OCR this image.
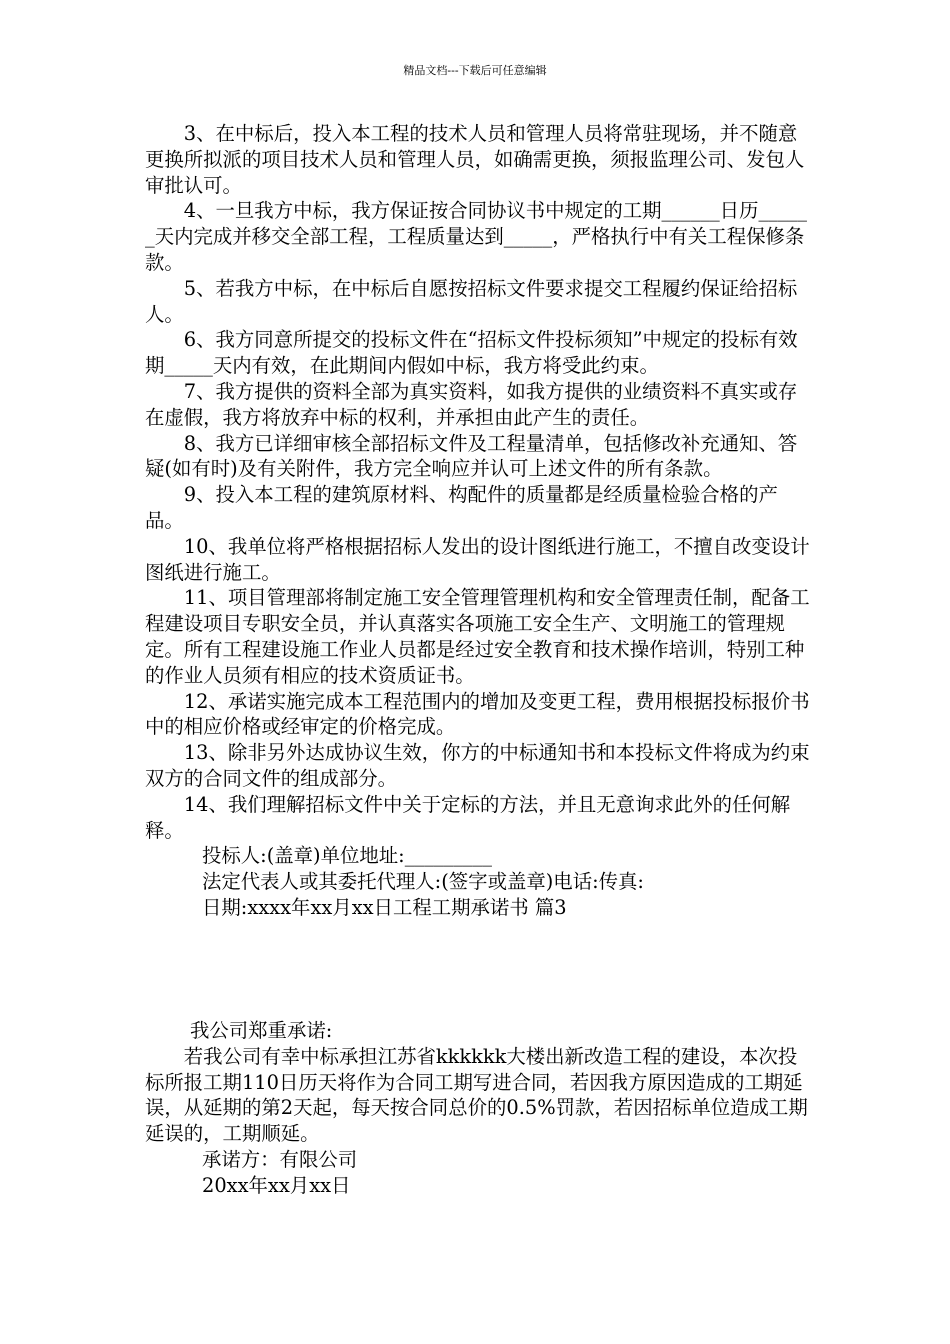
精品文档---下载后可任意编辑

3、在中标后，投入本工程的技术人员和管理人员将常驻现场，并不随意更换所拟派的项目技术人员和管理人员，如确需更换，须报监理公司、发包人审批认可。

4、一旦我方中标，我方保证按合同协议书中规定的工期______日历______天内完成并移交全部工程，工程质量达到_____，严格执行中有关工程保修条款。

5、若我方中标，在中标后自愿按招标文件要求提交工程履约保证给招标人。

6、我方同意所提交的投标文件在“招标文件投标须知”中规定的投标有效期_____天内有效，在此期间内假如中标，我方将受此约束。

7、我方提供的资料全部为真实资料，如我方提供的业绩资料不真实或存在虚假，我方将放弃中标的权利，并承担由此产生的责任。

8、我方已详细审核全部招标文件及工程量清单，包括修改补充通知、答疑(如有时)及有关附件，我方完全响应并认可上述文件的所有条款。

9、投入本工程的建筑原材料、构配件的质量都是经质量检验合格的产品。

10、我单位将严格根据招标人发出的设计图纸进行施工，不擅自改变设计图纸进行施工。

11、项目管理部将制定施工安全管理管理机构和安全管理责任制，配备工程建设项目专职安全员，并认真落实各项施工安全生产、文明施工的管理规定。所有工程建设施工作业人员都是经过安全教育和技术操作培训，特别工种的作业人员须有相应的技术资质证书。

12、承诺实施完成本工程范围内的增加及变更工程，费用根据投标报价书中的相应价格或经审定的价格完成。

13、除非另外达成协议生效，你方的中标通知书和本投标文件将成为约束双方的合同文件的组成部分。

14、我们理解招标文件中关于定标的方法，并且无意询求此外的任何解释。

投标人:(盖章)单位地址:_________

法定代表人或其委托代理人:(签字或盖章)电话:传真:

日期:xxxx年xx月xx日工程工期承诺书 篇3

我公司郑重承诺:

若我公司有幸中标承担江苏省kkkkkk大楼出新改造工程的建设，本次投标所报工期110日历天将作为合同工期写进合同，若因我方原因造成的工期延误，从延期的第2天起，每天按合同总价的0.5%罚款，若因招标单位造成工期延误的，工期顺延。

承诺方：有限公司

20xx年xx月xx日
